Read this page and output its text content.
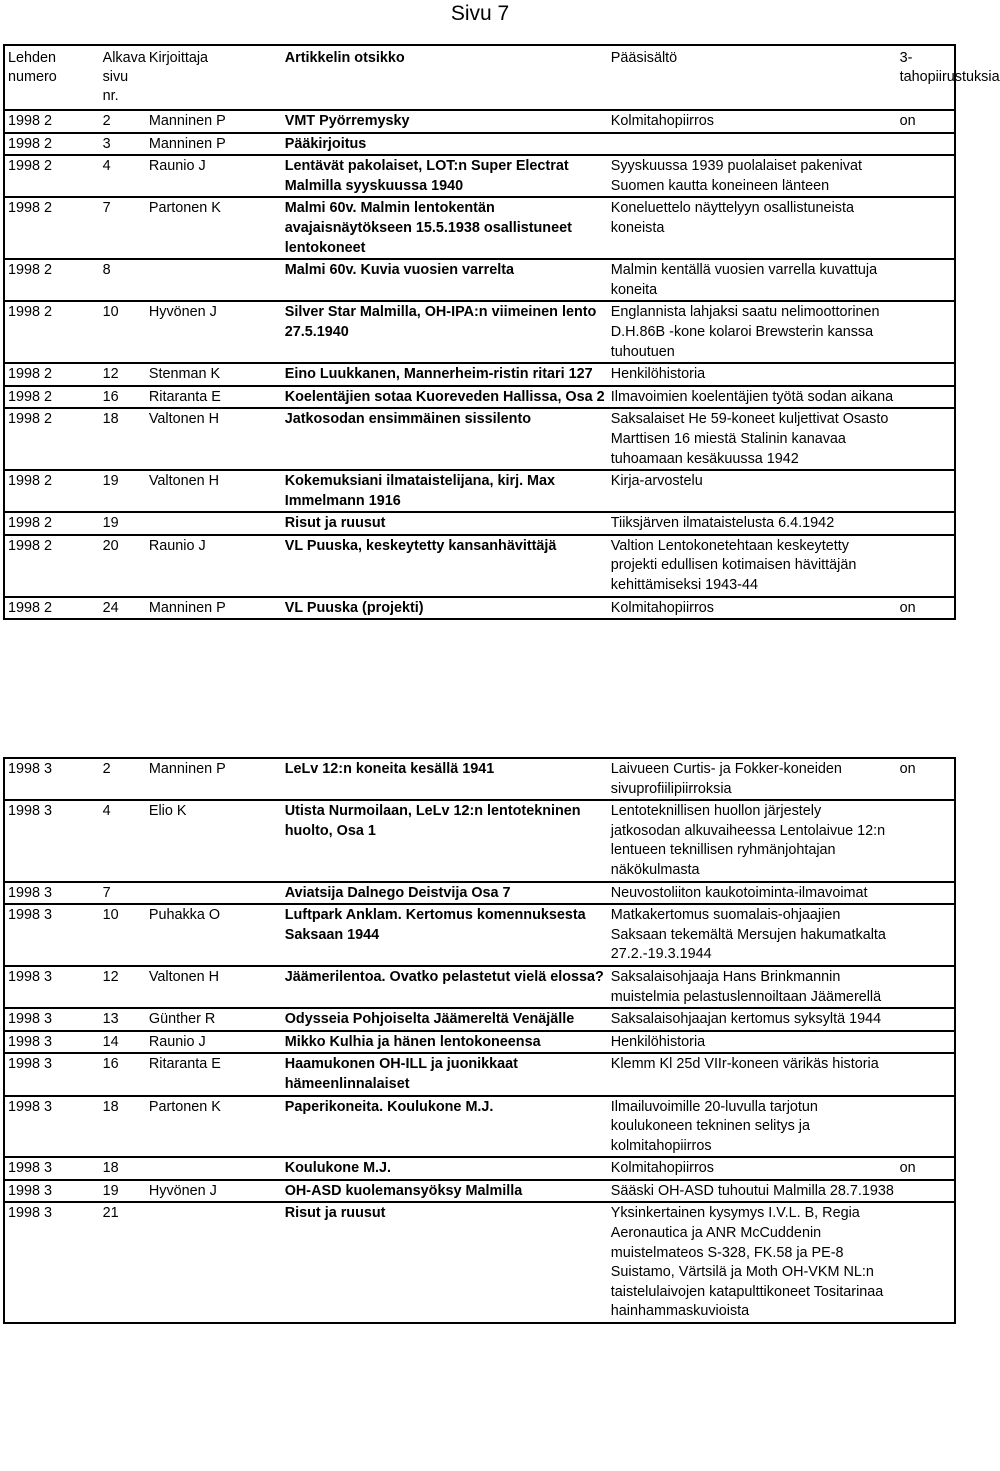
Sivu 7
Lehden numero	Alkava sivu nr.	Kirjoittaja	Artikkelin otsikko	Pääsisältö	3-tahopiirustuksia
1998 2	2	Manninen P	VMT Pyörremysky	Kolmitahopiirros	on
1998 2	3	Manninen P	Pääkirjoitus		
1998 2	4	Raunio J	Lentävät pakolaiset, LOT:n Super Electrat Malmilla syyskuussa 1940	Syyskuussa 1939 puolalaiset pakenivat Suomen kautta koneineen länteen	
1998 2	7	Partonen K	Malmi 60v. Malmin lentokentän avajaisnäytökseen 15.5.1938 osallistuneet lentokoneet	Koneluettelo näyttelyyn osallistuneista koneista	
1998 2	8		Malmi 60v. Kuvia vuosien varrelta	Malmin kentällä vuosien varrella kuvattuja koneita	
1998 2	10	Hyvönen J	Silver Star Malmilla, OH-IPA:n viimeinen lento 27.5.1940	Englannista lahjaksi saatu nelimoottorinen D.H.86B -kone kolaroi Brewsterin kanssa tuhoutuen	
1998 2	12	Stenman K	Eino Luukkanen, Mannerheim-ristin ritari 127	Henkilöhistoria	
1998 2	16	Ritaranta E	Koelentäjien sotaa Kuoreveden Hallissa, Osa 2	Ilmavoimien koelentäjien työtä sodan aikana	
1998 2	18	Valtonen H	Jatkosodan ensimmäinen sissilento	Saksalaiset He 59-koneet kuljettivat Osasto Marttisen 16 miestä Stalinin kanavaa tuhoamaan kesäkuussa 1942	
1998 2	19	Valtonen H	Kokemuksiani ilmataistelijana, kirj. Max Immelmann 1916	Kirja-arvostelu	
1998 2	19		Risut ja ruusut	Tiiksjärven ilmataistelusta 6.4.1942	
1998 2	20	Raunio J	VL Puuska, keskeytetty kansanhävittäjä	Valtion Lentokonetehtaan keskeytetty projekti edullisen kotimaisen hävittäjän kehittämiseksi 1943-44	
1998 2	24	Manninen P	VL Puuska (projekti)	Kolmitahopiirros	on
1998 3	2	Manninen P	LeLv 12:n koneita kesällä 1941	Laivueen Curtis- ja Fokker-koneiden sivuprofiilipiirroksia	on
1998 3	4	Elio K	Utista Nurmoilaan, LeLv 12:n lentotekninen huolto, Osa 1	Lentoteknillisen huollon järjestely jatkosodan alkuvaiheessa Lentolaivue 12:n lentueen teknillisen ryhmänjohtajan näkökulmasta	
1998 3	7		Aviatsija Dalnego Deistvija Osa 7	Neuvostoliiton kaukotoiminta-ilmavoimat	
1998 3	10	Puhakka O	Luftpark Anklam. Kertomus komennuksesta Saksaan 1944	Matkakertomus suomalais-ohjaajien Saksaan tekemältä Mersujen hakumatkalta 27.2.-19.3.1944	
1998 3	12	Valtonen H	Jäämerilentoa. Ovatko pelastetut vielä elossa?	Saksalaisohjaaja Hans Brinkmannin muistelmia pelastuslennoiltaan Jäämerellä	
1998 3	13	Günther R	Odysseia Pohjoiselta Jäämereltä Venäjälle	Saksalaisohjaajan kertomus syksyltä 1944	
1998 3	14	Raunio J	Mikko Kulhia ja hänen lentokoneensa	Henkilöhistoria	
1998 3	16	Ritaranta E	Haamukonen OH-ILL ja juonikkaat hämeenlinnalaiset	Klemm Kl 25d VIIr-koneen värikäs historia	
1998 3	18	Partonen K	Paperikoneita. Koulukone M.J.	Ilmailuvoimille 20-luvulla tarjotun koulukoneen tekninen selitys ja kolmitahopiirros	
1998 3	18		Koulukone M.J.	Kolmitahopiirros	on
1998 3	19	Hyvönen J	OH-ASD kuolemansyöksy Malmilla	Sääski OH-ASD tuhoutui Malmilla 28.7.1938	
1998 3	21		Risut ja ruusut	Yksinkertainen kysymys I.V.L. B, Regia Aeronautica ja ANR McCuddenin muistelmateos S-328, FK.58 ja PE-8 Suistamo, Värtsilä ja Moth OH-VKM NL:n taistelulaivojen katapulttikoneet Tositarinaa hainhammaskuvioista	
